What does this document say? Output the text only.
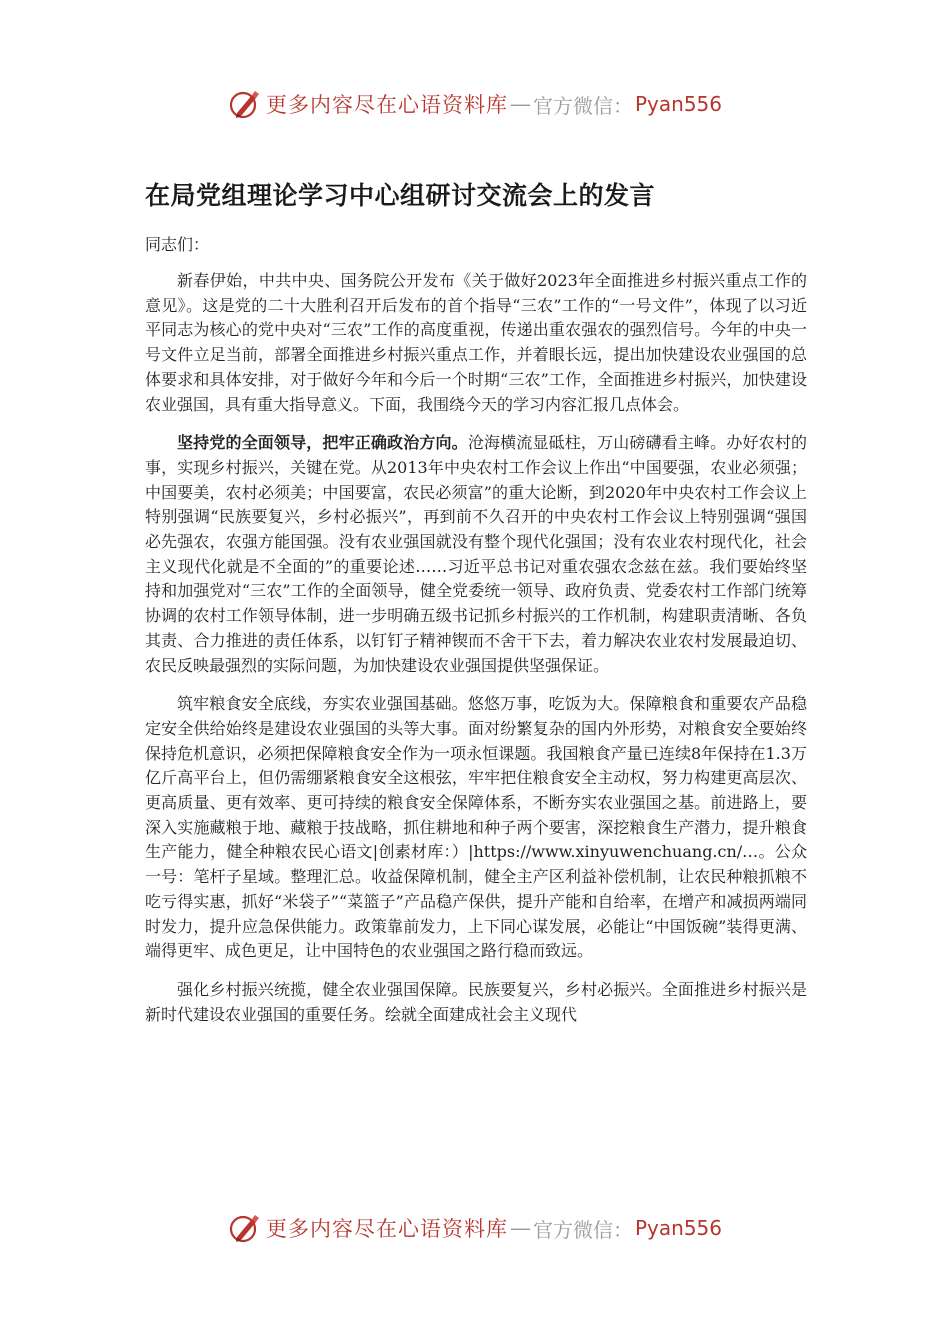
更多内容尽在心语资料库 — 官方微信： Pyan556
在局党组理论学习中心组研讨交流会上的发言

同志们：

新春伊始，中共中央、国务院公开发布《关于做好2023年全面推进乡村振兴重点工作的意见》。这是党的二十大胜利召开后发布的首个指导“三农”工作的“一号文件”，体现了以习近平同志为核心的党中央对“三农”工作的高度重视，传递出重农强农的强烈信号。今年的中央一号文件立足当前，部署全面推进乡村振兴重点工作，并着眼长远，提出加快建设农业强国的总体要求和具体安排，对于做好今年和今后一个时期“三农”工作，全面推进乡村振兴，加快建设农业强国，具有重大指导意义。下面，我围绕今天的学习内容汇报几点体会。

坚持党的全面领导，把牢正确政治方向。沧海横流显砥柱，万山磅礴看主峰。办好农村的事，实现乡村振兴，关键在党。从2013年中央农村工作会议上作出“中国要强，农业必须强；中国要美，农村必须美；中国要富，农民必须富”的重大论断，到2020年中央农村工作会议上特别强调“民族要复兴，乡村必振兴”，再到前不久召开的中央农村工作会议上特别强调“强国必先强农，农强方能国强。没有农业强国就没有整个现代化强国；没有农业农村现代化，社会主义现代化就是不全面的”的重要论述……习近平总书记对重农强农念兹在兹。我们要始终坚持和加强党对“三农”工作的全面领导，健全党委统一领导、政府负责、党委农村工作部门统筹协调的农村工作领导体制，进一步明确五级书记抓乡村振兴的工作机制，构建职责清晰、各负其责、合力推进的责任体系，以钉钉子精神锲而不舍干下去，着力解决农业农村发展最迫切、农民反映最强烈的实际问题，为加快建设农业强国提供坚强保证。

筑牢粮食安全底线，夯实农业强国基础。悠悠万事，吃饭为大。保障粮食和重要农产品稳定安全供给始终是建设农业强国的头等大事。面对纷繁复杂的国内外形势，对粮食安全要始终保持危机意识，必须把保障粮食安全作为一项永恒课题。我国粮食产量已连续8年保持在1.3万亿斤高平台上，但仍需绷紧粮食安全这根弦，牢牢把住粮食安全主动权，努力构建更高层次、更高质量、更有效率、更可持续的粮食安全保障体系，不断夯实农业强国之基。前进路上，要深入实施藏粮于地、藏粮于技战略，抓住耕地和种子两个要害，深挖粮食生产潜力，提升粮食生产能力，健全种粮农民心语文|创素材库：）|https://www.xinyuwenchuang.cn/…。公众一号：笔杆子星域。整理汇总。收益保障机制，健全主产区利益补偿机制，让农民种粮抓粮不吃亏得实惠，抓好“米袋子”“菜篮子”产品稳产保供，提升产能和自给率，在增产和减损两端同时发力，提升应急保供能力。政策靠前发力，上下同心谋发展，必能让“中国饭碗”装得更满、端得更牢、成色更足，让中国特色的农业强国之路行稳而致远。

强化乡村振兴统揽，健全农业强国保障。民族要复兴，乡村必振兴。全面推进乡村振兴是新时代建设农业强国的重要任务。绘就全面建成社会主义现代

更多内容尽在心语资料库 — 官方微信： Pyan556
